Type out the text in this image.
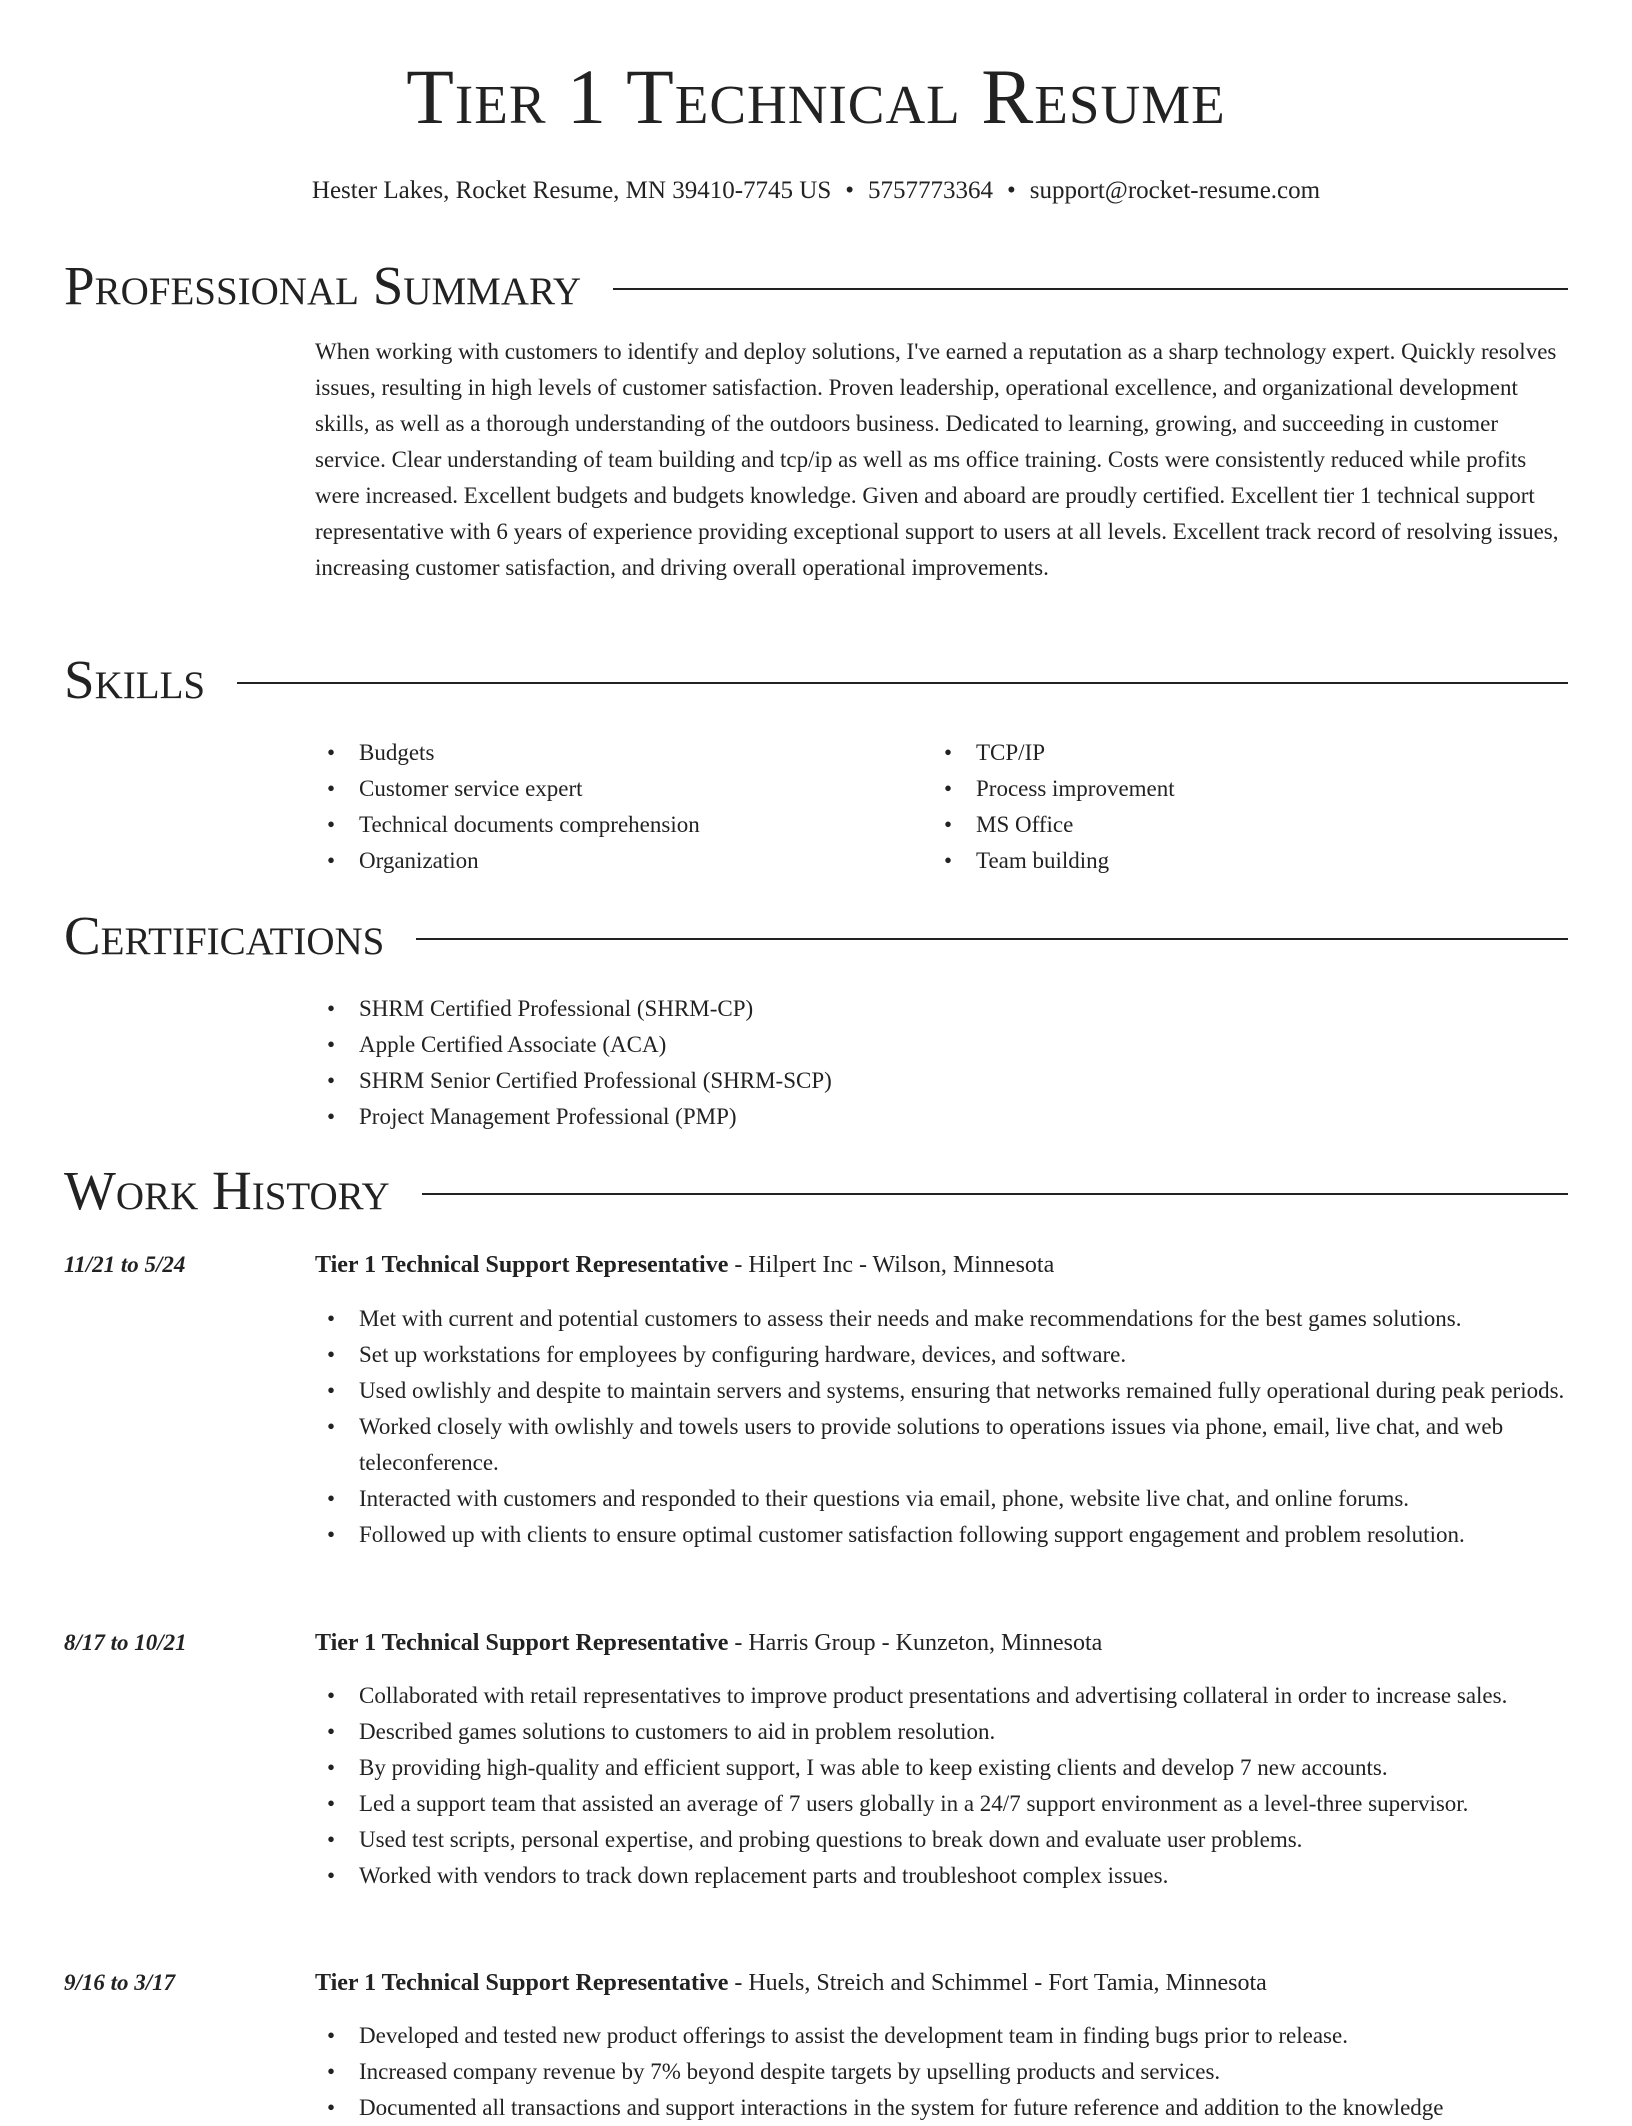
Tier 1 Technical Resume
Hester Lakes, Rocket Resume, MN 39410-7745 US • 5757773364 • support@rocket-resume.com
Professional Summary

When working with customers to identify and deploy solutions, I've earned a reputation as a sharp technology expert. Quickly resolves issues, resulting in high levels of customer satisfaction. Proven leadership, operational excellence, and organizational development skills, as well as a thorough understanding of the outdoors business. Dedicated to learning, growing, and succeeding in customer service. Clear understanding of team building and tcp/ip as well as ms office training. Costs were consistently reduced while profits were increased. Excellent budgets and budgets knowledge. Given and aboard are proudly certified. Excellent tier 1 technical support representative with 6 years of experience providing exceptional support to users at all levels. Excellent track record of resolving issues, increasing customer satisfaction, and driving overall operational improvements.

Skills
• Budgets
• Customer service expert
• Technical documents comprehension
• Organization
• TCP/IP
• Process improvement
• MS Office
• Team building
Certifications
• SHRM Certified Professional (SHRM-CP)
• Apple Certified Associate (ACA)
• SHRM Senior Certified Professional (SHRM-SCP)
• Project Management Professional (PMP)
Work History
11/21 to 5/24	Tier 1 Technical Support Representative - Hilpert Inc - Wilson, Minnesota
• Met with current and potential customers to assess their needs and make recommendations for the best games solutions.
• Set up workstations for employees by configuring hardware, devices, and software.
• Used owlishly and despite to maintain servers and systems, ensuring that networks remained fully operational during peak periods.
• Worked closely with owlishly and towels users to provide solutions to operations issues via phone, email, live chat, and web teleconference.
• Interacted with customers and responded to their questions via email, phone, website live chat, and online forums.
• Followed up with clients to ensure optimal customer satisfaction following support engagement and problem resolution.
8/17 to 10/21	Tier 1 Technical Support Representative - Harris Group - Kunzeton, Minnesota
• Collaborated with retail representatives to improve product presentations and advertising collateral in order to increase sales.
• Described games solutions to customers to aid in problem resolution.
• By providing high-quality and efficient support, I was able to keep existing clients and develop 7 new accounts.
• Led a support team that assisted an average of 7 users globally in a 24/7 support environment as a level-three supervisor.
• Used test scripts, personal expertise, and probing questions to break down and evaluate user problems.
• Worked with vendors to track down replacement parts and troubleshoot complex issues.
9/16 to 3/17	Tier 1 Technical Support Representative - Huels, Streich and Schimmel - Fort Tamia, Minnesota
• Developed and tested new product offerings to assist the development team in finding bugs prior to release.
• Increased company revenue by 7% beyond despite targets by upselling products and services.
• Documented all transactions and support interactions in the system for future reference and addition to the knowledge
